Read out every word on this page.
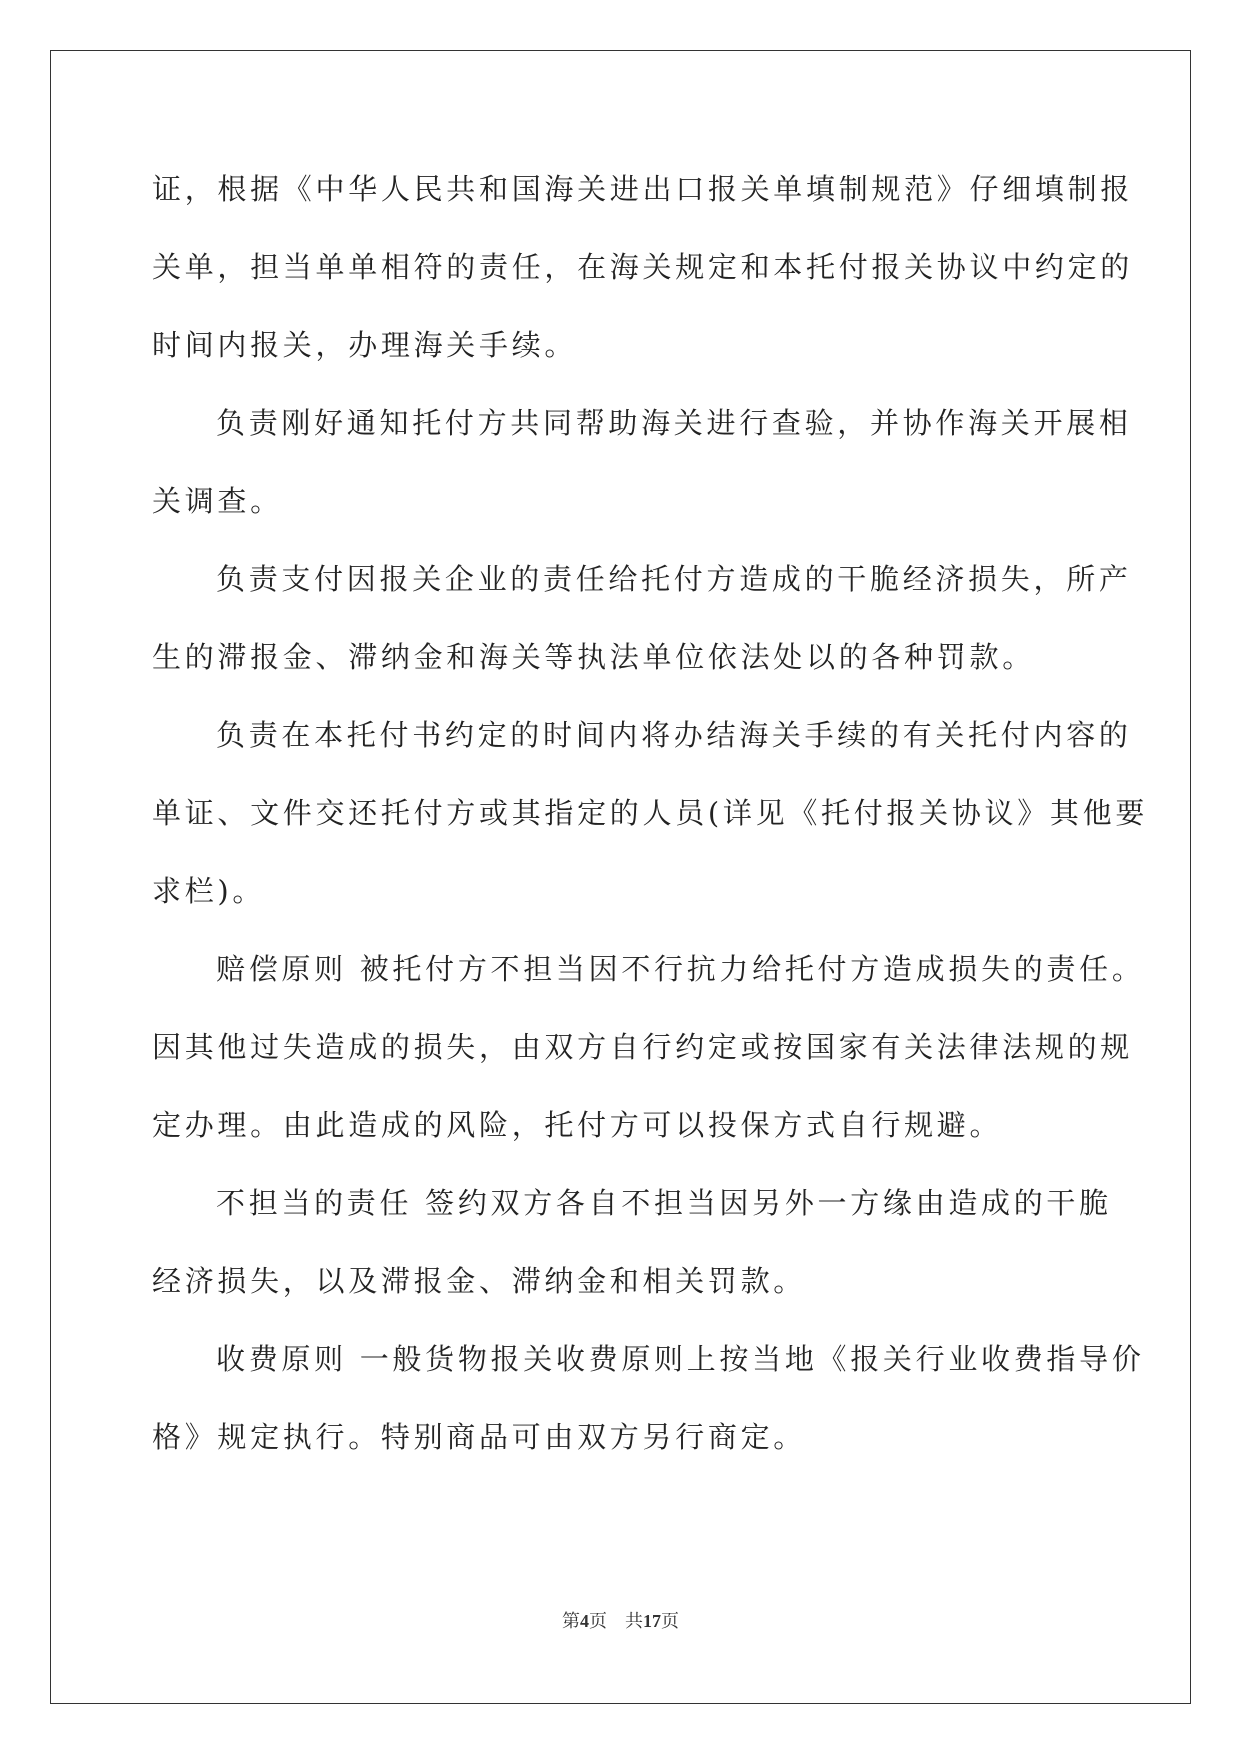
证，根据《中华人民共和国海关进出口报关单填制规范》仔细填制报
关单，担当单单相符的责任，在海关规定和本托付报关协议中约定的
时间内报关，办理海关手续。
负责刚好通知托付方共同帮助海关进行查验，并协作海关开展相
关调查。
负责支付因报关企业的责任给托付方造成的干脆经济损失，所产
生的滞报金、滞纳金和海关等执法单位依法处以的各种罚款。
负责在本托付书约定的时间内将办结海关手续的有关托付内容的
单证、文件交还托付方或其指定的人员(详见《托付报关协议》其他要
求栏)。
赔偿原则 被托付方不担当因不行抗力给托付方造成损失的责任。
因其他过失造成的损失，由双方自行约定或按国家有关法律法规的规
定办理。由此造成的风险，托付方可以投保方式自行规避。
不担当的责任 签约双方各自不担当因另外一方缘由造成的干脆
经济损失，以及滞报金、滞纳金和相关罚款。
收费原则 一般货物报关收费原则上按当地《报关行业收费指导价
格》规定执行。特别商品可由双方另行商定。
第4页 共17页
